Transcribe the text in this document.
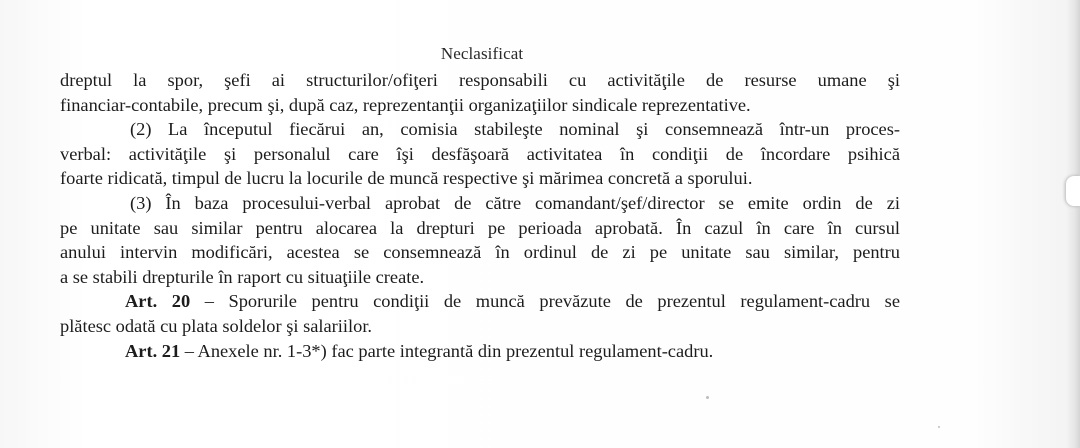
Neclasificat
dreptul la spor, şefi ai structurilor/ofiţeri responsabili cu activităţile de resurse umane şi
financiar-contabile, precum şi, după caz, reprezentanţii organizaţiilor sindicale reprezentative.
(2) La începutul fiecărui an, comisia stabileşte nominal şi consemnează într-un proces-
verbal: activităţile şi personalul care îşi desfăşoară activitatea în condiţii de încordare psihică
foarte ridicată, timpul de lucru la locurile de muncă respective şi mărimea concretă a sporului.
(3) În baza procesului-verbal aprobat de către comandant/şef/director se emite ordin de zi
pe unitate sau similar pentru alocarea la drepturi pe perioada aprobată. În cazul în care în cursul
anului intervin modificări, acestea se consemnează în ordinul de zi pe unitate sau similar, pentru
a se stabili drepturile în raport cu situaţiile create.
Art. 20 – Sporurile pentru condiţii de muncă prevăzute de prezentul regulament-cadru se
plătesc odată cu plata soldelor şi salariilor.
Art. 21 – Anexele nr. 1-3*) fac parte integrantă din prezentul regulament-cadru.
